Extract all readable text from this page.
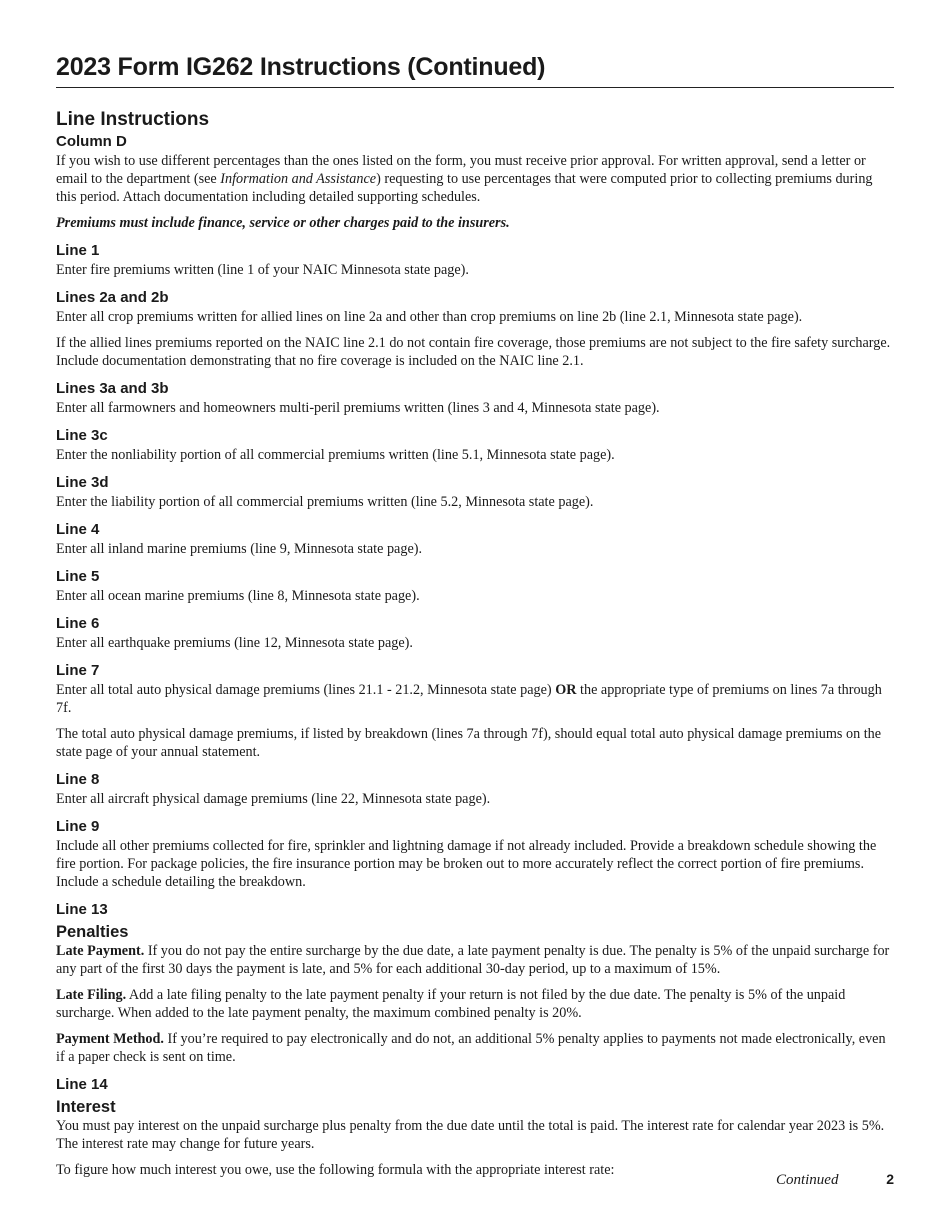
2023 Form IG262 Instructions (Continued)
Line Instructions
Column D

If you wish to use different percentages than the ones listed on the form, you must receive prior approval. For written approval, send a letter or email to the department (see Information and Assistance) requesting to use percentages that were computed prior to collecting premiums during this period. Attach documentation including detailed supporting schedules.

Premiums must include finance, service or other charges paid to the insurers.

Line 1

Enter fire premiums written (line 1 of your NAIC Minnesota state page).

Lines 2a and 2b

Enter all crop premiums written for allied lines on line 2a and other than crop premiums on line 2b (line 2.1, Minnesota state page).

If the allied lines premiums reported on the NAIC line 2.1 do not contain fire coverage, those premiums are not subject to the fire safety surcharge. Include documentation demonstrating that no fire coverage is included on the NAIC line 2.1.

Lines 3a and 3b

Enter all farmowners and homeowners multi-peril premiums written (lines 3 and 4, Minnesota state page).

Line 3c

Enter the nonliability portion of all commercial premiums written (line 5.1, Minnesota state page).

Line 3d

Enter the liability portion of all commercial premiums written (line 5.2, Minnesota state page).

Line 4

Enter all inland marine premiums (line 9, Minnesota state page).

Line 5

Enter all ocean marine premiums (line 8, Minnesota state page).

Line 6

Enter all earthquake premiums (line 12, Minnesota state page).

Line 7

Enter all total auto physical damage premiums (lines 21.1 - 21.2, Minnesota state page) OR the appropriate type of premiums on lines 7a through 7f.

The total auto physical damage premiums, if listed by breakdown (lines 7a through 7f), should equal total auto physical damage premiums on the state page of your annual statement.

Line 8

Enter all aircraft physical damage premiums (line 22, Minnesota state page).

Line 9

Include all other premiums collected for fire, sprinkler and lightning damage if not already included. Provide a breakdown schedule showing the fire portion. For package policies, the fire insurance portion may be broken out to more accurately reflect the correct portion of fire premiums. Include a schedule detailing the breakdown.

Line 13
Penalties

Late Payment. If you do not pay the entire surcharge by the due date, a late payment penalty is due. The penalty is 5% of the unpaid surcharge for any part of the first 30 days the payment is late, and 5% for each additional 30-day period, up to a maximum of 15%.

Late Filing. Add a late filing penalty to the late payment penalty if your return is not filed by the due date. The penalty is 5% of the unpaid surcharge. When added to the late payment penalty, the maximum combined penalty is 20%.

Payment Method. If you’re required to pay electronically and do not, an additional 5% penalty applies to payments not made electronically, even if a paper check is sent on time.

Line 14
Interest

You must pay interest on the unpaid surcharge plus penalty from the due date until the total is paid. The interest rate for calendar year 2023 is 5%. The interest rate may change for future years.

To figure how much interest you owe, use the following formula with the appropriate interest rate:

Continued	2
